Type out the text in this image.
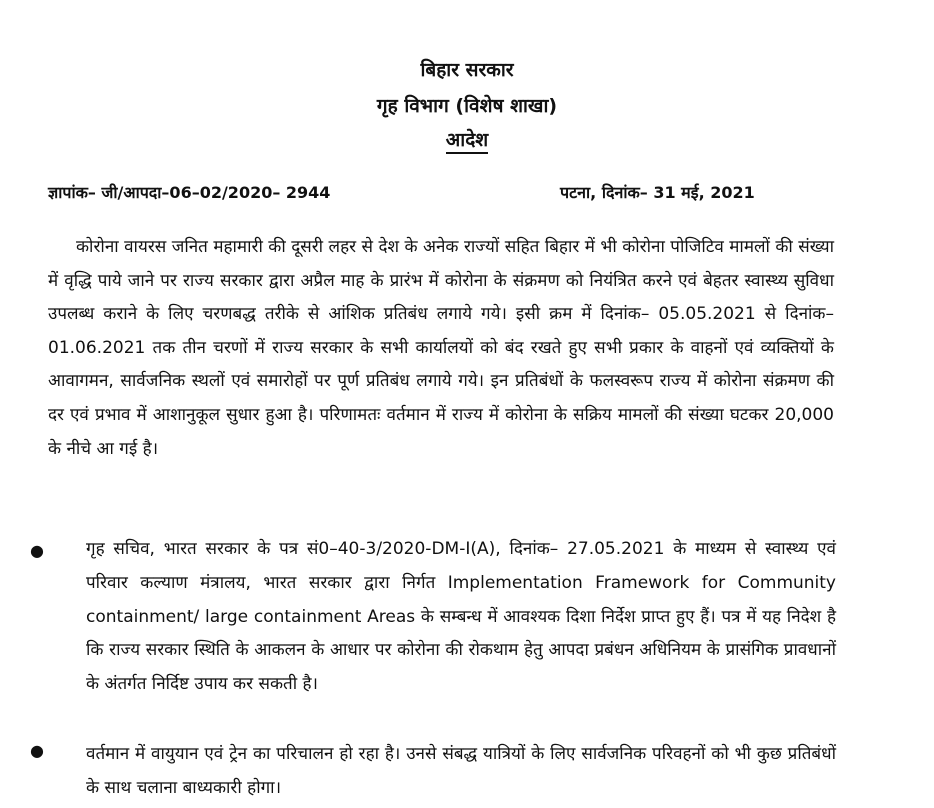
बिहार सरकार
गृह विभाग (विशेष शाखा)
आदेश
ज्ञापांक– जी/आपदा–06–02/2020– 2944	पटना, दिनांक– 31 मई, 2021

कोरोना वायरस जनित महामारी की दूसरी लहर से देश के अनेक राज्यों सहित बिहार में भी कोरोना पोजिटिव मामलों की संख्या में वृद्धि पाये जाने पर राज्य सरकार द्वारा अप्रैल माह के प्रारंभ में कोरोना के संक्रमण को नियंत्रित करने एवं बेहतर स्वास्थ्य सुविधा उपलब्ध कराने के लिए चरणबद्ध तरीके से आंशिक प्रतिबंध लगाये गये। इसी क्रम में दिनांक– 05.05.2021 से दिनांक– 01.06.2021 तक तीन चरणों में राज्य सरकार के सभी कार्यालयों को बंद रखते हुए सभी प्रकार के वाहनों एवं व्यक्तियों के आवागमन, सार्वजनिक स्थलों एवं समारोहों पर पूर्ण प्रतिबंध लगाये गये। इन प्रतिबंधों के फलस्वरूप राज्य में कोरोना संक्रमण की दर एवं प्रभाव में आशानुकूल सुधार हुआ है। परिणामतः वर्तमान में राज्य में कोरोना के सक्रिय मामलों की संख्या घटकर 20,000 के नीचे आ गई है।

● गृह सचिव, भारत सरकार के पत्र सं0–40-3/2020-DM-I(A), दिनांक– 27.05.2021 के माध्यम से स्वास्थ्य एवं परिवार कल्याण मंत्रालय, भारत सरकार द्वारा निर्गत Implementation Framework for Community containment/ large containment Areas के सम्बन्ध में आवश्यक दिशा निर्देश प्राप्त हुए हैं। पत्र में यह निदेश है कि राज्य सरकार स्थिति के आकलन के आधार पर कोरोना की रोकथाम हेतु आपदा प्रबंधन अधिनियम के प्रासंगिक प्रावधानों के अंतर्गत निर्दिष्ट उपाय कर सकती है।

● वर्तमान में वायुयान एवं ट्रेन का परिचालन हो रहा है। उनसे संबद्ध यात्रियों के लिए सार्वजनिक परिवहनों को भी कुछ प्रतिबंधों के साथ चलाना बाध्यकारी होगा।
